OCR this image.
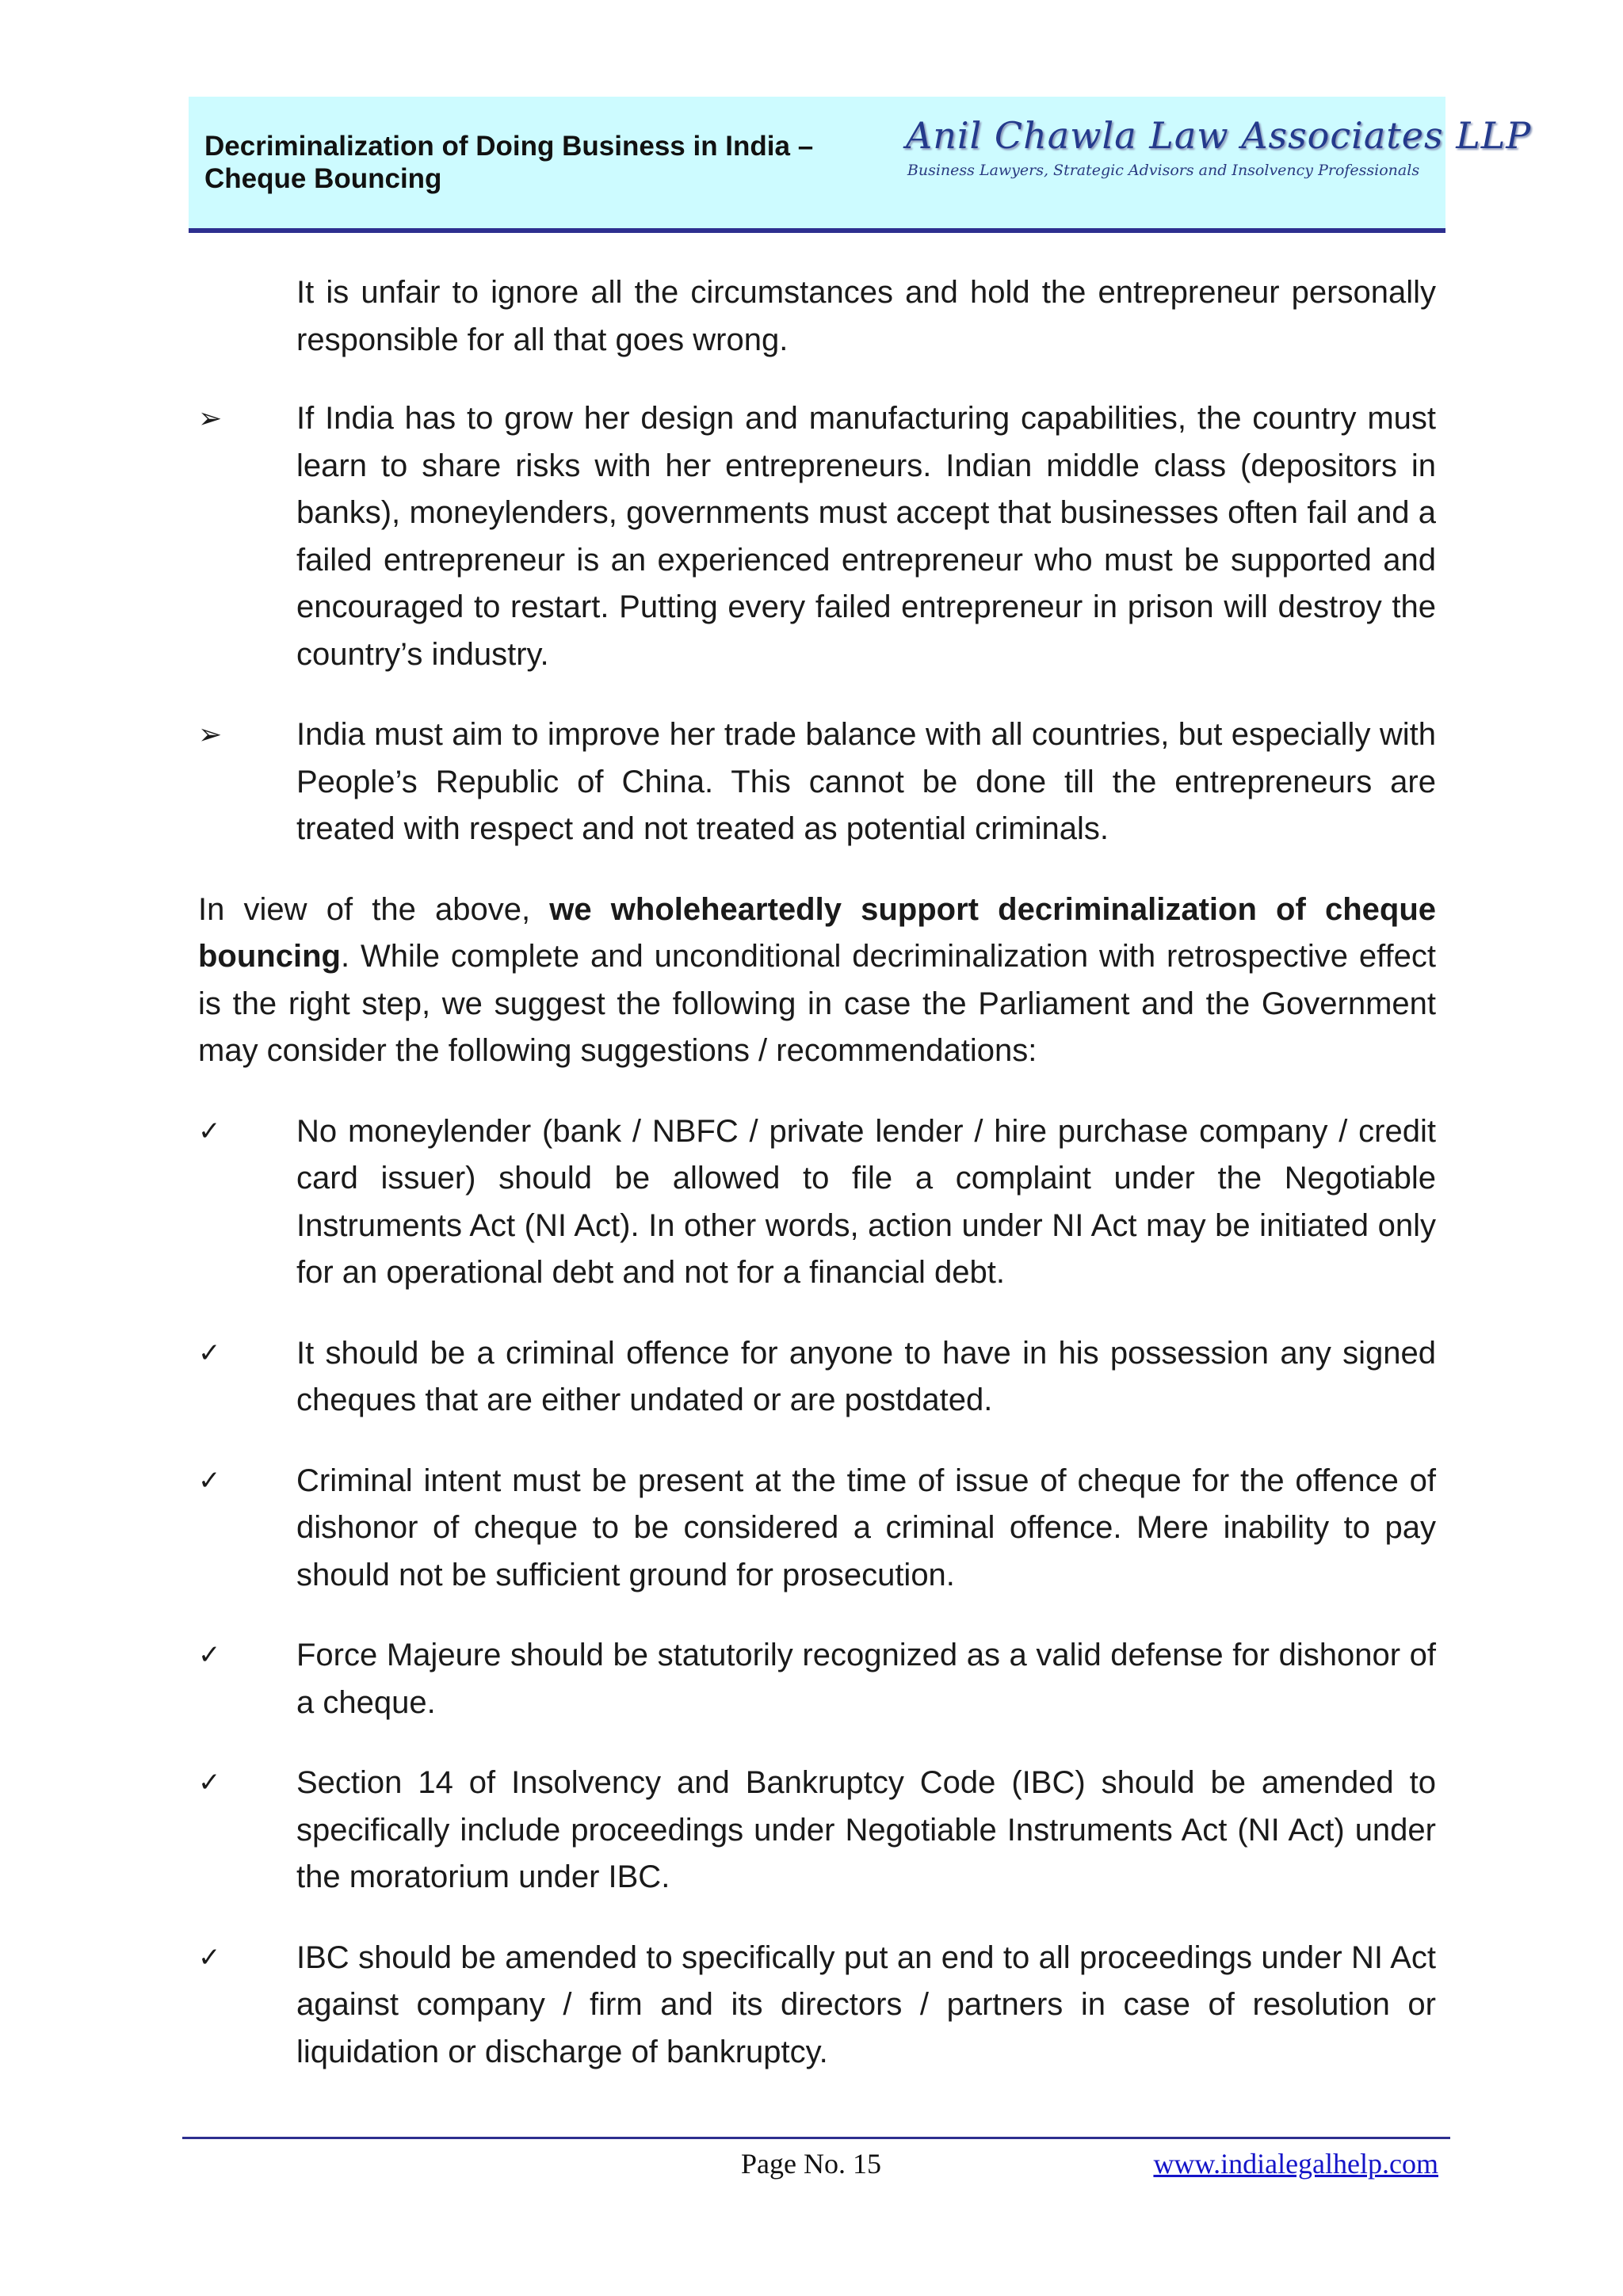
Decriminalization of Doing Business in India –
Cheque Bouncing
Anil Chawla Law Associates LLP
Business Lawyers, Strategic Advisors and Insolvency Professionals
It is unfair to ignore all the circumstances and hold the entrepreneur personally responsible for all that goes wrong.
➢	If India has to grow her design and manufacturing capabilities, the country must learn to share risks with her entrepreneurs. Indian middle class (depositors in banks), moneylenders, governments must accept that businesses often fail and a failed entrepreneur is an experienced entrepreneur who must be supported and encouraged to restart. Putting every failed entrepreneur in prison will destroy the country’s industry.
➢	India must aim to improve her trade balance with all countries, but especially with People’s Republic of China. This cannot be done till the entrepreneurs are treated with respect and not treated as potential criminals.
In view of the above, we wholeheartedly support decriminalization of cheque bouncing. While complete and unconditional decriminalization with retrospective effect is the right step, we suggest the following in case the Parliament and the Government may consider the following suggestions / recommendations:
✓	No moneylender (bank / NBFC / private lender / hire purchase company / credit card issuer) should be allowed to file a complaint under the Negotiable Instruments Act (NI Act). In other words, action under NI Act may be initiated only for an operational debt and not for a financial debt.
✓	It should be a criminal offence for anyone to have in his possession any signed cheques that are either undated or are postdated.
✓	Criminal intent must be present at the time of issue of cheque for the offence of dishonor of cheque to be considered a criminal offence. Mere inability to pay should not be sufficient ground for prosecution.
✓	Force Majeure should be statutorily recognized as a valid defense for dishonor of a cheque.
✓	Section 14 of Insolvency and Bankruptcy Code (IBC) should be amended to specifically include proceedings under Negotiable Instruments Act (NI Act) under the moratorium under IBC.
✓	IBC should be amended to specifically put an end to all proceedings under NI Act against company / firm and its directors / partners in case of resolution or liquidation or discharge of bankruptcy.
Page No. 15	www.indialegalhelp.com
